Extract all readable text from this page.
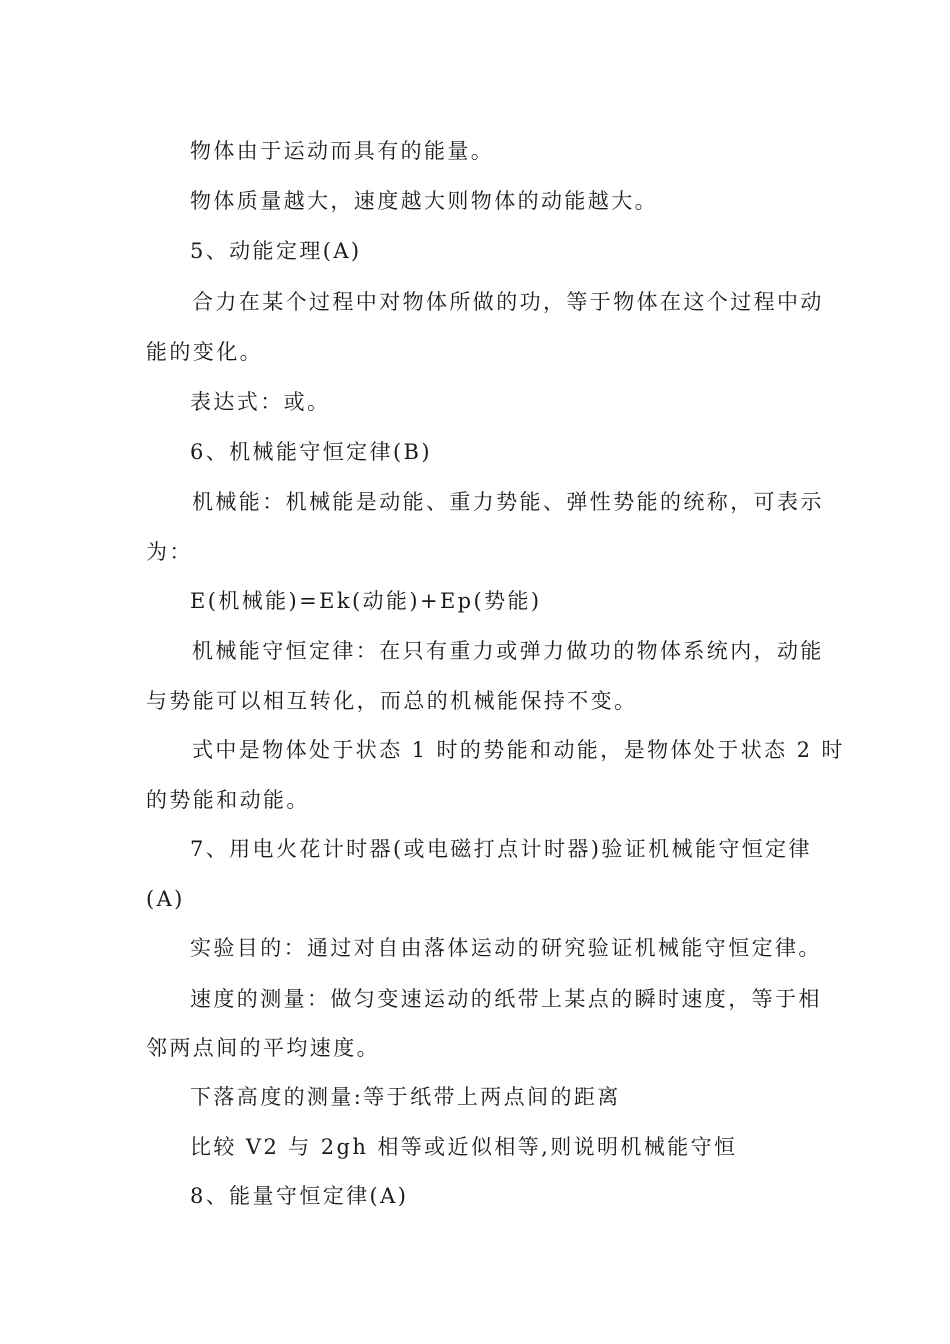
物体由于运动而具有的能量。
物体质量越大，速度越大则物体的动能越大。
5、动能定理(A)
合力在某个过程中对物体所做的功，等于物体在这个过程中动
能的变化。
表达式：或。
6、机械能守恒定律(B)
机械能：机械能是动能、重力势能、弹性势能的统称，可表示
为：
E(机械能)=Ek(动能)+Ep(势能)
机械能守恒定律：在只有重力或弹力做功的物体系统内，动能
与势能可以相互转化，而总的机械能保持不变。
式中是物体处于状态 1 时的势能和动能，是物体处于状态 2 时
的势能和动能。
7、用电火花计时器(或电磁打点计时器)验证机械能守恒定律
(A)
实验目的：通过对自由落体运动的研究验证机械能守恒定律。
速度的测量：做匀变速运动的纸带上某点的瞬时速度，等于相
邻两点间的平均速度。
下落高度的测量:等于纸带上两点间的距离
比较 V2 与 2gh 相等或近似相等,则说明机械能守恒
8、能量守恒定律(A)
